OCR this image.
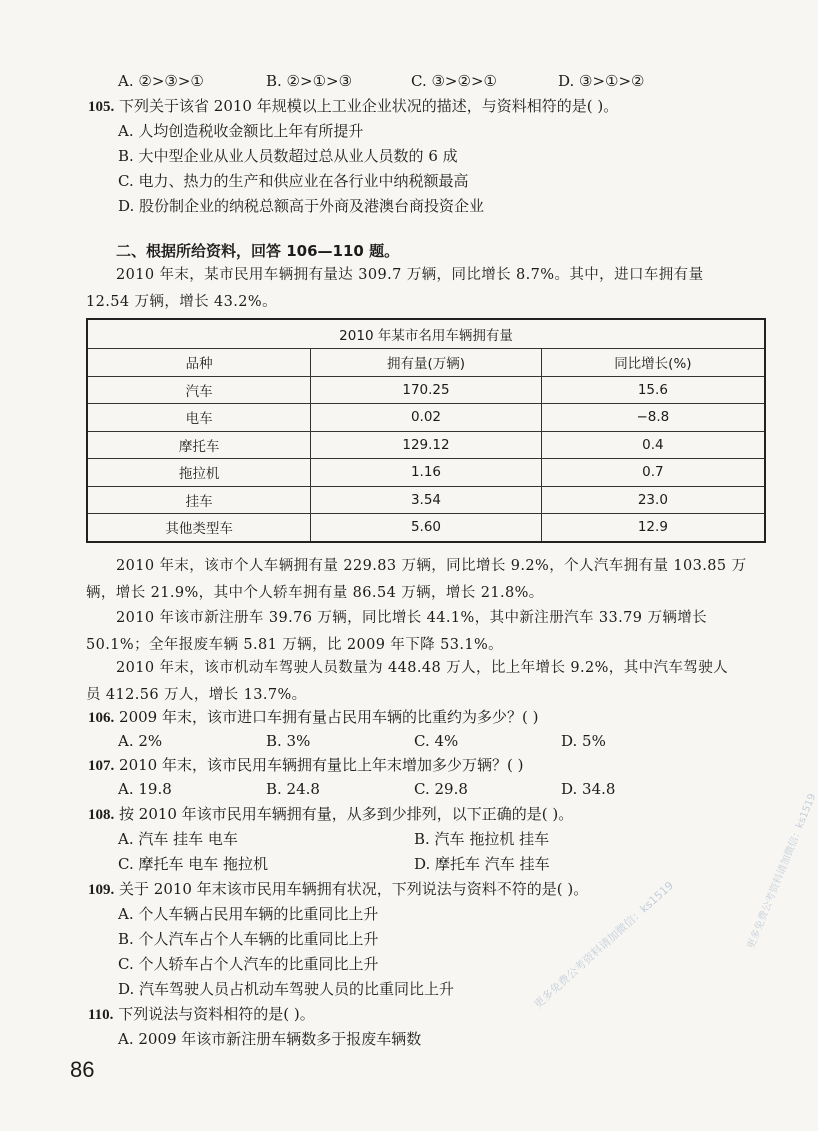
A. ②>③>①	B. ②>①>③	C. ③>②>①	D. ③>①>②
105. 下列关于该省 2010 年规模以上工业企业状况的描述，与资料相符的是( )。
A. 人均创造税收金额比上年有所提升
B. 大中型企业从业人员数超过总从业人员数的 6 成
C. 电力、热力的生产和供应业在各行业中纳税额最高
D. 股份制企业的纳税总额高于外商及港澳台商投资企业
二、根据所给资料，回答 106—110 题。
2010 年末，某市民用车辆拥有量达 309.7 万辆，同比增长 8.7%。其中，进口车拥有量
12.54 万辆，增长 43.2%。
2010 年某市名用车辆拥有量		
品种	拥有量(万辆)	同比增长(%)
汽车	170.25	15.6
电车	0.02	−8.8
摩托车	129.12	0.4
拖拉机	1.16	0.7
挂车	3.54	23.0
其他类型车	5.60	12.9
2010 年末，该市个人车辆拥有量 229.83 万辆，同比增长 9.2%，个人汽车拥有量 103.85 万
辆，增长 21.9%，其中个人轿车拥有量 86.54 万辆，增长 21.8%。
2010 年该市新注册车 39.76 万辆，同比增长 44.1%，其中新注册汽车 33.79 万辆增长
50.1%；全年报废车辆 5.81 万辆，比 2009 年下降 53.1%。
2010 年末，该市机动车驾驶人员数量为 448.48 万人，比上年增长 9.2%，其中汽车驾驶人
员 412.56 万人，增长 13.7%。
106. 2009 年末，该市进口车拥有量占民用车辆的比重约为多少？( )
A. 2%	B. 3%	C. 4%	D. 5%
107. 2010 年末，该市民用车辆拥有量比上年末增加多少万辆？( )
A. 19.8	B. 24.8	C. 29.8	D. 34.8
108. 按 2010 年该市民用车辆拥有量，从多到少排列，以下正确的是( )。
A. 汽车 挂车 电车	B. 汽车 拖拉机 挂车
C. 摩托车 电车 拖拉机	D. 摩托车 汽车 挂车
109. 关于 2010 年末该市民用车辆拥有状况，下列说法与资料不符的是( )。
A. 个人车辆占民用车辆的比重同比上升
B. 个人汽车占个人车辆的比重同比上升
C. 个人轿车占个人汽车的比重同比上升
D. 汽车驾驶人员占机动车驾驶人员的比重同比上升
110. 下列说法与资料相符的是( )。
A. 2009 年该市新注册车辆数多于报废车辆数
86
更多免费公考资料请加微信：ks1519	更多免费公考资料请加微信：ks1519
